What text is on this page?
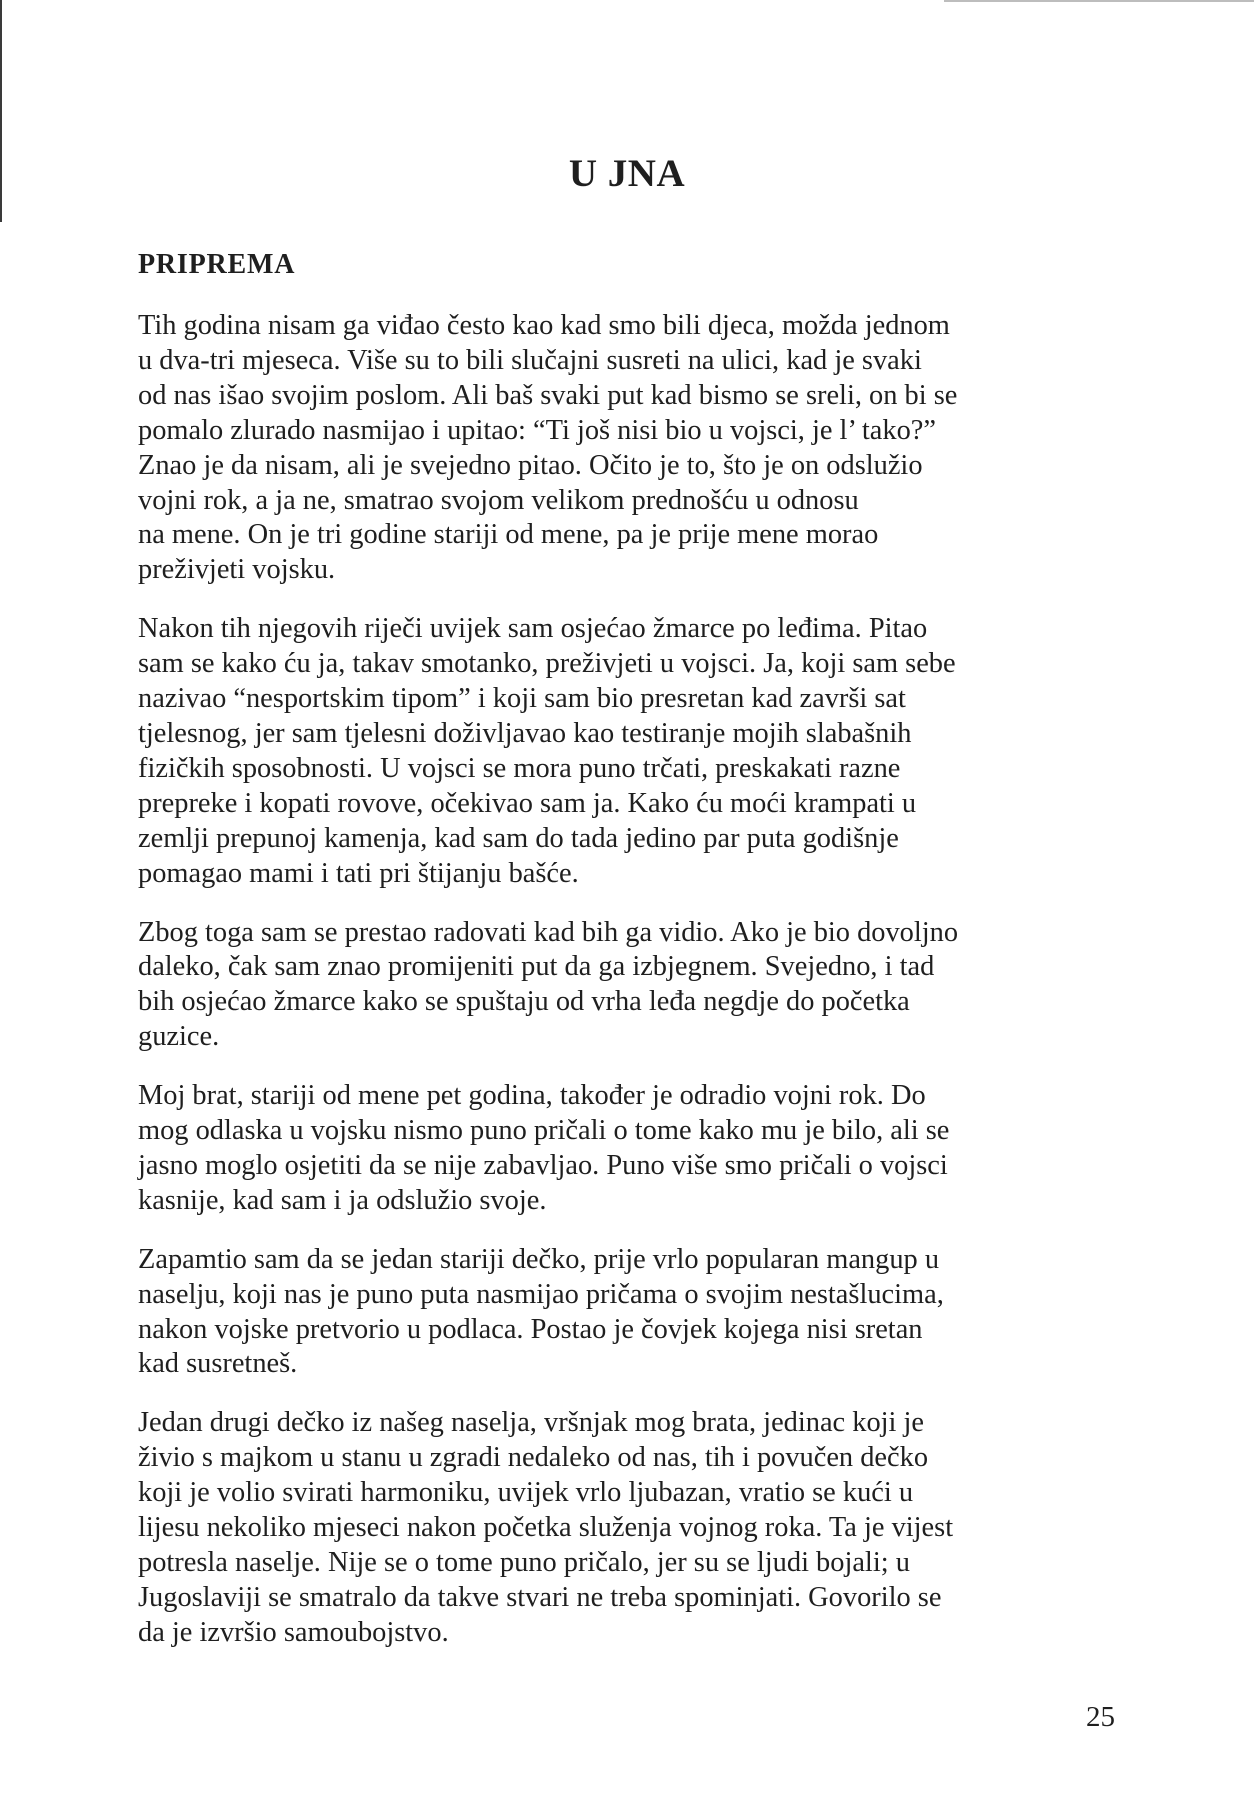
U JNA
PRIPREMA

Tih godina nisam ga viđao često kao kad smo bili djeca, možda jednom
u dva-tri mjeseca. Više su to bili slučajni susreti na ulici, kad je svaki
od nas išao svojim poslom. Ali baš svaki put kad bismo se sreli, on bi se
pomalo zlurado nasmijao i upitao: “Ti još nisi bio u vojsci, je l’ tako?”
Znao je da nisam, ali je svejedno pitao. Očito je to, što je on odslužio
vojni rok, a ja ne, smatrao svojom velikom prednošću u odnosu
na mene. On je tri godine stariji od mene, pa je prije mene morao
preživjeti vojsku.

Nakon tih njegovih riječi uvijek sam osjećao žmarce po leđima. Pitao
sam se kako ću ja, takav smotanko, preživjeti u vojsci. Ja, koji sam sebe
nazivao “nesportskim tipom” i koji sam bio presretan kad završi sat
tjelesnog, jer sam tjelesni doživljavao kao testiranje mojih slabašnih
fizičkih sposobnosti. U vojsci se mora puno trčati, preskakati razne
prepreke i kopati rovove, očekivao sam ja. Kako ću moći krampati u
zemlji prepunoj kamenja, kad sam do tada jedino par puta godišnje
pomagao mami i tati pri štijanju bašće.

Zbog toga sam se prestao radovati kad bih ga vidio. Ako je bio dovoljno
daleko, čak sam znao promijeniti put da ga izbjegnem. Svejedno, i tad
bih osjećao žmarce kako se spuštaju od vrha leđa negdje do početka
guzice.

Moj brat, stariji od mene pet godina, također je odradio vojni rok. Do
mog odlaska u vojsku nismo puno pričali o tome kako mu je bilo, ali se
jasno moglo osjetiti da se nije zabavljao. Puno više smo pričali o vojsci
kasnije, kad sam i ja odslužio svoje.

Zapamtio sam da se jedan stariji dečko, prije vrlo popularan mangup u
naselju, koji nas je puno puta nasmijao pričama o svojim nestašlucima,
nakon vojske pretvorio u podlaca. Postao je čovjek kojega nisi sretan
kad susretneš.

Jedan drugi dečko iz našeg naselja, vršnjak mog brata, jedinac koji je
živio s majkom u stanu u zgradi nedaleko od nas, tih i povučen dečko
koji je volio svirati harmoniku, uvijek vrlo ljubazan, vratio se kući u
lijesu nekoliko mjeseci nakon početka služenja vojnog roka. Ta je vijest
potresla naselje. Nije se o tome puno pričalo, jer su se ljudi bojali; u
Jugoslaviji se smatralo da takve stvari ne treba spominjati. Govorilo se
da je izvršio samoubojstvo.

25
